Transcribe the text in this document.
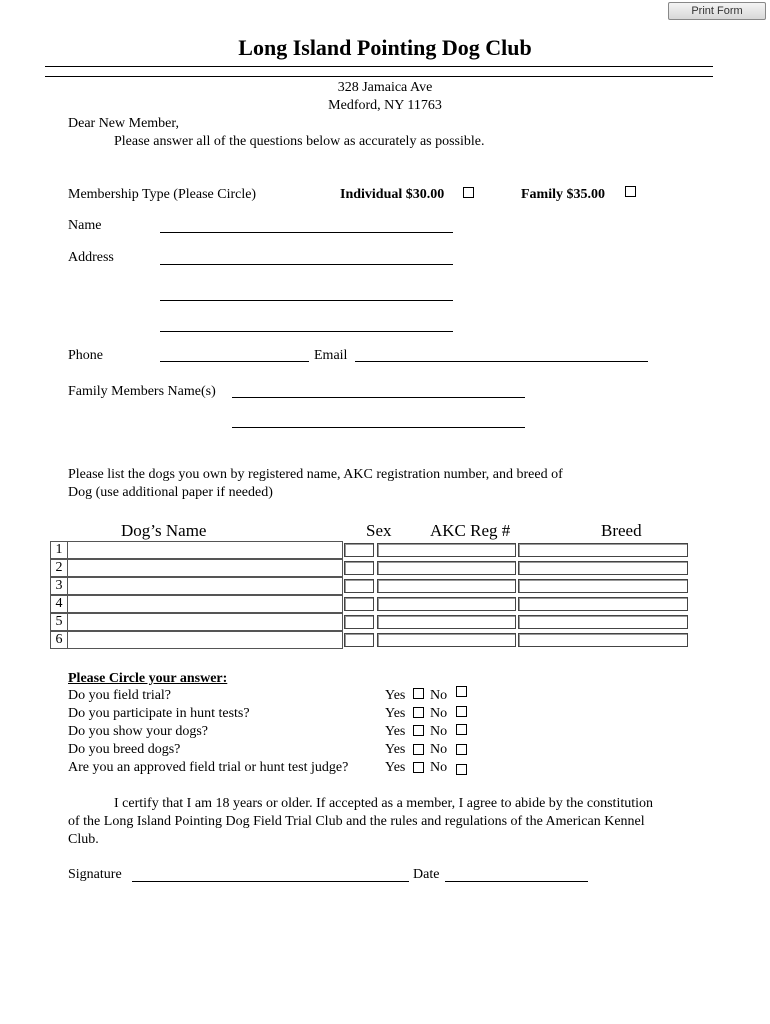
Print Form
Long Island Pointing Dog Club
328 Jamaica Ave
Medford, NY 11763
Dear New Member,
Please answer all of the questions below as accurately as possible.
Membership Type (Please Circle)	Individual $30.00	Family $35.00
Name
Address
Phone	Email
Family Members Name(s)
Please list the dogs you own by registered name, AKC registration number, and breed of
Dog (use additional paper if needed)
Dog’s Name	Sex AKC Reg #	Breed
1
2
3
4
5
6
Please Circle your answer:
Do you field trial?	Yes No
Do you participate in hunt tests?	Yes No
Do you show your dogs?	Yes No
Do you breed dogs?	Yes No
Are you an approved field trial or hunt test judge?	Yes No
I certify that I am 18 years or older. If accepted as a member, I agree to abide by the constitution
of the Long Island Pointing Dog Field Trial Club and the rules and regulations of the American Kennel
Club.
Signature	Date
